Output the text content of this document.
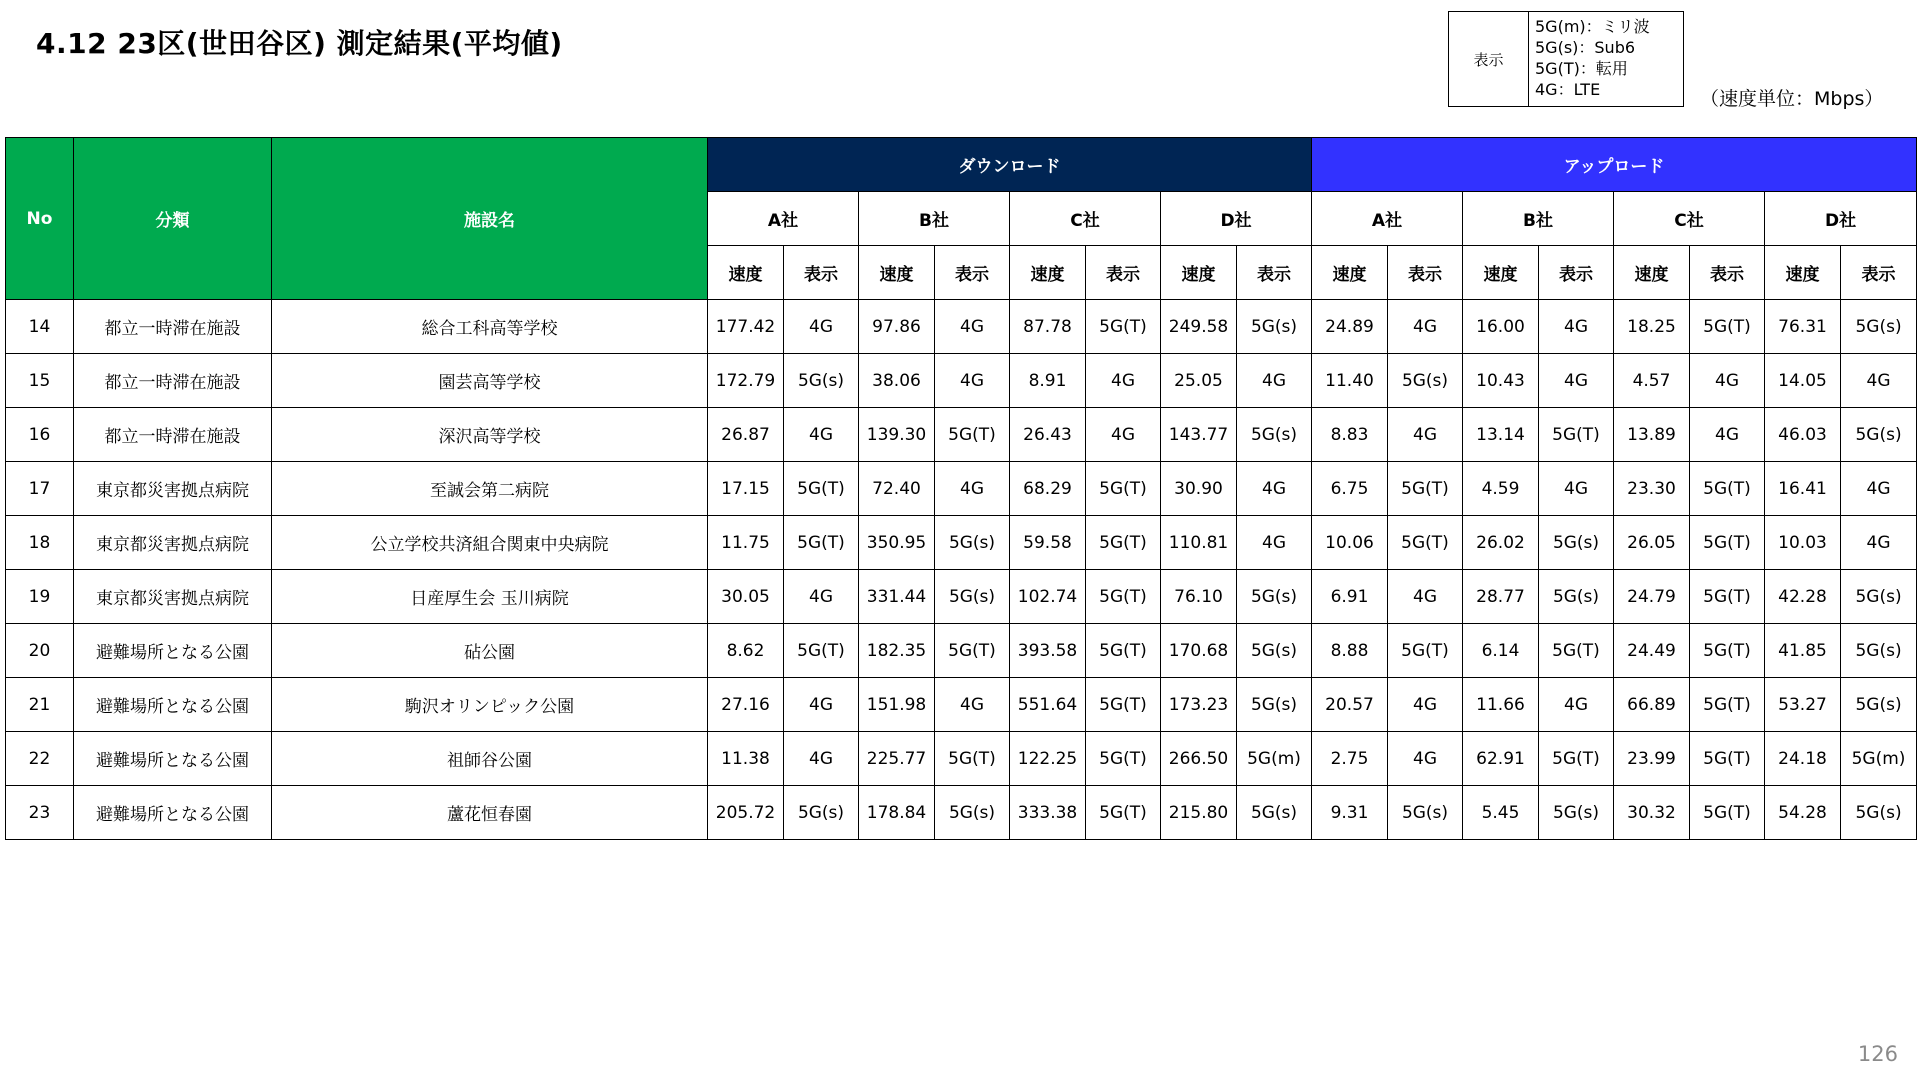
4.12 23区(世田谷区) 測定結果(平均値)	表示
5G(m)：ミリ波
5G(s)：Sub6
5G(T)：転用
4G：LTE	（速度単位：Mbps）
No	分類	施設名	ダウンロード								アップロード							
			A社		B社		C社		D社		A社		B社		C社		D社	
			速度	表示	速度	表示	速度	表示	速度	表示	速度	表示	速度	表示	速度	表示	速度	表示
14	都立一時滞在施設	総合工科高等学校	177.42	4G	97.86	4G	87.78	5G(T)	249.58	5G(s)	24.89	4G	16.00	4G	18.25	5G(T)	76.31	5G(s)
15	都立一時滞在施設	園芸高等学校	172.79	5G(s)	38.06	4G	8.91	4G	25.05	4G	11.40	5G(s)	10.43	4G	4.57	4G	14.05	4G
16	都立一時滞在施設	深沢高等学校	26.87	4G	139.30	5G(T)	26.43	4G	143.77	5G(s)	8.83	4G	13.14	5G(T)	13.89	4G	46.03	5G(s)
17	東京都災害拠点病院	至誠会第二病院	17.15	5G(T)	72.40	4G	68.29	5G(T)	30.90	4G	6.75	5G(T)	4.59	4G	23.30	5G(T)	16.41	4G
18	東京都災害拠点病院	公立学校共済組合関東中央病院	11.75	5G(T)	350.95	5G(s)	59.58	5G(T)	110.81	4G	10.06	5G(T)	26.02	5G(s)	26.05	5G(T)	10.03	4G
19	東京都災害拠点病院	日産厚生会 玉川病院	30.05	4G	331.44	5G(s)	102.74	5G(T)	76.10	5G(s)	6.91	4G	28.77	5G(s)	24.79	5G(T)	42.28	5G(s)
20	避難場所となる公園	砧公園	8.62	5G(T)	182.35	5G(T)	393.58	5G(T)	170.68	5G(s)	8.88	5G(T)	6.14	5G(T)	24.49	5G(T)	41.85	5G(s)
21	避難場所となる公園	駒沢オリンピック公園	27.16	4G	151.98	4G	551.64	5G(T)	173.23	5G(s)	20.57	4G	11.66	4G	66.89	5G(T)	53.27	5G(s)
22	避難場所となる公園	祖師谷公園	11.38	4G	225.77	5G(T)	122.25	5G(T)	266.50	5G(m)	2.75	4G	62.91	5G(T)	23.99	5G(T)	24.18	5G(m)
23	避難場所となる公園	蘆花恒春園	205.72	5G(s)	178.84	5G(s)	333.38	5G(T)	215.80	5G(s)	9.31	5G(s)	5.45	5G(s)	30.32	5G(T)	54.28	5G(s)
126
